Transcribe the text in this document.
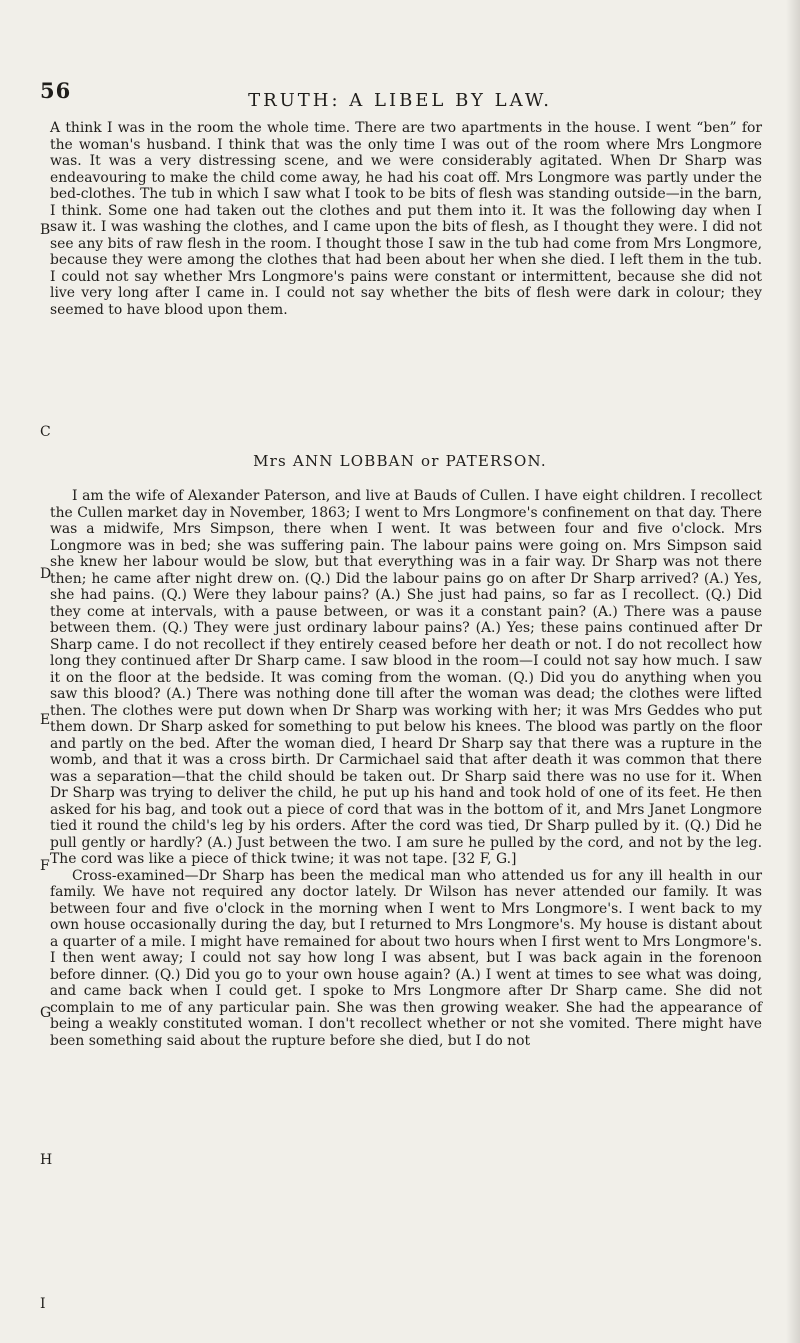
56	TRUTH: A LIBEL BY LAW.

A think I was in the room the whole time. There are two apartments in the house. I went “ben” for the woman's husband. I think that was the only time I was out of the room where Mrs Longmore was. It was a very distressing scene, and we were considerably agitated. When Dr Sharp was endeavouring to make the child come away, he had his coat off. Mrs Longmore was partly under the bed-clothes. The tub in which I saw what I took to be bits of flesh was standing outside—in the barn, I think. Some one had taken out the clothes and put them into it. It was the following day when I saw it. I was washing the clothes, and I came upon the bits of flesh, as I thought they were. I did not see any bits of raw flesh in the room. I thought those I saw in the tub had come from Mrs Longmore, because they were among the clothes that had been about her when she died. I left them in the tub. I could not say whether Mrs Longmore's pains were constant or intermittent, because she did not live very long after I came in. I could not say whether the bits of flesh were dark in colour; they seemed to have blood upon them.

Mrs ANN LOBBAN or PATERSON.

I am the wife of Alexander Paterson, and live at Bauds of Cullen. I have eight children. I recollect the Cullen market day in November, 1863; I went to Mrs Longmore's confinement on that day. There was a midwife, Mrs Simpson, there when I went. It was between four and five o'clock. Mrs Longmore was in bed; she was suffering pain. The labour pains were going on. Mrs Simpson said she knew her labour would be slow, but that everything was in a fair way. Dr Sharp was not there then; he came after night drew on. (Q.) Did the labour pains go on after Dr Sharp arrived? (A.) Yes, she had pains. (Q.) Were they labour pains? (A.) She just had pains, so far as I recollect. (Q.) Did they come at intervals, with a pause between, or was it a constant pain? (A.) There was a pause between them. (Q.) They were just ordinary labour pains? (A.) Yes; these pains continued after Dr Sharp came. I do not recollect if they entirely ceased before her death or not. I do not recollect how long they continued after Dr Sharp came. I saw blood in the room—I could not say how much. I saw it on the floor at the bedside. It was coming from the woman. (Q.) Did you do anything when you saw this blood? (A.) There was nothing done till after the woman was dead; the clothes were lifted then. The clothes were put down when Dr Sharp was working with her; it was Mrs Geddes who put them down. Dr Sharp asked for something to put below his knees. The blood was partly on the floor and partly on the bed. After the woman died, I heard Dr Sharp say that there was a rupture in the womb, and that it was a cross birth. Dr Carmichael said that after death it was common that there was a separation—that the child should be taken out. Dr Sharp said there was no use for it. When Dr Sharp was trying to deliver the child, he put up his hand and took hold of one of its feet. He then asked for his bag, and took out a piece of cord that was in the bottom of it, and Mrs Janet Longmore tied it round the child's leg by his orders. After the cord was tied, Dr Sharp pulled by it. (Q.) Did he pull gently or hardly? (A.) Just between the two. I am sure he pulled by the cord, and not by the leg. The cord was like a piece of thick twine; it was not tape. [32 F, G.]

Cross-examined—Dr Sharp has been the medical man who attended us for any ill health in our family. We have not required any doctor lately. Dr Wilson has never attended our family. It was between four and five o'clock in the morning when I went to Mrs Longmore's. I went back to my own house occasionally during the day, but I returned to Mrs Longmore's. My house is distant about a quarter of a mile. I might have remained for about two hours when I first went to Mrs Longmore's. I then went away; I could not say how long I was absent, but I was back again in the forenoon before dinner. (Q.) Did you go to your own house again? (A.) I went at times to see what was doing, and came back when I could get. I spoke to Mrs Longmore after Dr Sharp came. She did not complain to me of any particular pain. She was then growing weaker. She had the appearance of being a weakly constituted woman. I don't recollect whether or not she vomited. There might have been something said about the rupture before she died, but I do not

B
C
D
E
F
G
H
I
